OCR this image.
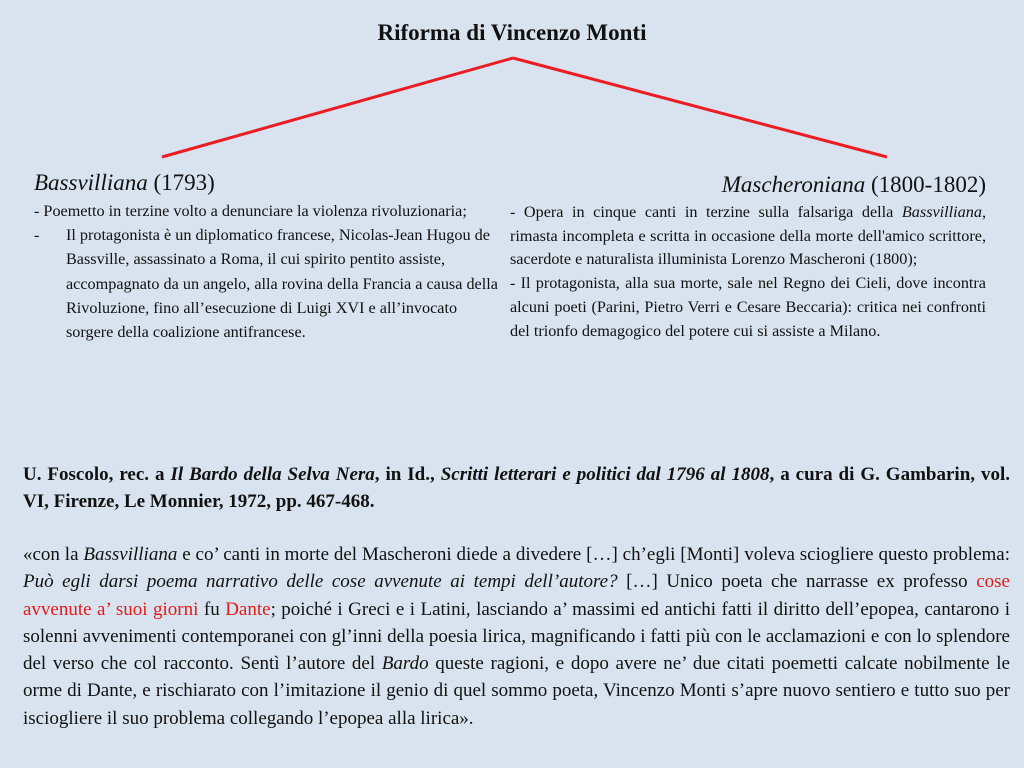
Riforma di Vincenzo Monti
Bassvilliana (1793)

- Poemetto in terzine volto a denunciare la violenza rivoluzionaria;

-	Il protagonista è un diplomatico francese, Nicolas-Jean Hugou de Bassville, assassinato a Roma, il cui spirito pentito assiste, accompagnato da un angelo, alla rovina della Francia a causa della Rivoluzione, fino all’esecuzione di Luigi XVI e all’invocato sorgere della coalizione antifrancese.
Mascheroniana (1800-1802)

- Opera in cinque canti in terzine sulla falsariga della Bassvilliana, rimasta incompleta e scritta in occasione della morte dell'amico scrittore, sacerdote e naturalista illuminista Lorenzo Mascheroni (1800);

- Il protagonista, alla sua morte, sale nel Regno dei Cieli, dove incontra alcuni poeti (Parini, Pietro Verri e Cesare Beccaria): critica nei confronti del trionfo demagogico del potere cui si assiste a Milano.

U. Foscolo, rec. a Il Bardo della Selva Nera, in Id., Scritti letterari e politici dal 1796 al 1808, a cura di G. Gambarin, vol. VI, Firenze, Le Monnier, 1972, pp. 467-468.
«con la Bassvilliana e co’ canti in morte del Mascheroni diede a divedere […] ch’egli [Monti] voleva sciogliere questo problema: Può egli darsi poema narrativo delle cose avvenute ai tempi dell’autore? […] Unico poeta che narrasse ex professo cose avvenute a’ suoi giorni fu Dante; poiché i Greci e i Latini, lasciando a’ massimi ed antichi fatti il diritto dell’epopea, cantarono i solenni avvenimenti contemporanei con gl’inni della poesia lirica, magnificando i fatti più con le acclamazioni e con lo splendore del verso che col racconto. Sentì l’autore del Bardo queste ragioni, e dopo avere ne’ due citati poemetti calcate nobilmente le orme di Dante, e rischiarato con l’imitazione il genio di quel sommo poeta, Vincenzo Monti s’apre nuovo sentiero e tutto suo per isciogliere il suo problema collegando l’epopea alla lirica».
